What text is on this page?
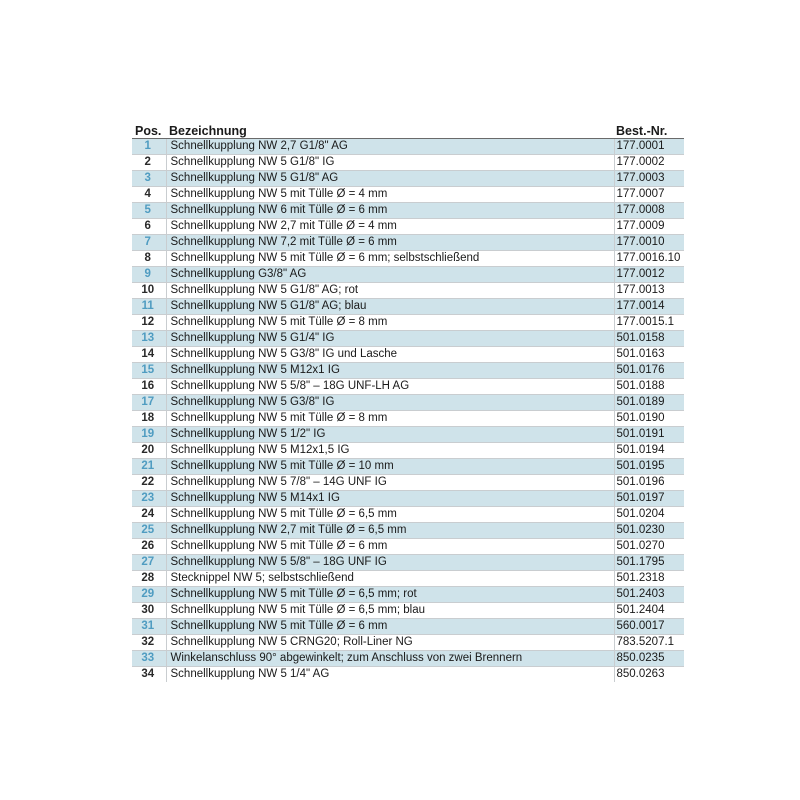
Pos.	Bezeichnung	Best.-Nr.
1	Schnellkupplung NW 2,7 G1/8" AG	177.0001
2	Schnellkupplung NW 5 G1/8" IG	177.0002
3	Schnellkupplung NW 5 G1/8" AG	177.0003
4	Schnellkupplung NW 5 mit Tülle Ø = 4 mm	177.0007
5	Schnellkupplung NW 6 mit Tülle Ø = 6 mm	177.0008
6	Schnellkupplung NW 2,7 mit Tülle Ø = 4 mm	177.0009
7	Schnellkupplung NW 7,2 mit Tülle Ø = 6 mm	177.0010
8	Schnellkupplung NW 5 mit Tülle Ø = 6 mm; selbstschließend	177.0016.10
9	Schnellkupplung G3/8" AG	177.0012
10	Schnellkupplung NW 5 G1/8" AG; rot	177.0013
11	Schnellkupplung NW 5 G1/8" AG; blau	177.0014
12	Schnellkupplung NW 5 mit Tülle Ø = 8 mm	177.0015.1
13	Schnellkupplung NW 5 G1/4" IG	501.0158
14	Schnellkupplung NW 5 G3/8" IG und Lasche	501.0163
15	Schnellkupplung NW 5 M12x1 IG	501.0176
16	Schnellkupplung NW 5 5/8" – 18G UNF-LH AG	501.0188
17	Schnellkupplung NW 5 G3/8" IG	501.0189
18	Schnellkupplung NW 5 mit Tülle Ø = 8 mm	501.0190
19	Schnellkupplung NW 5 1/2" IG	501.0191
20	Schnellkupplung NW 5 M12x1,5 IG	501.0194
21	Schnellkupplung NW 5 mit Tülle Ø = 10 mm	501.0195
22	Schnellkupplung NW 5 7/8" – 14G UNF IG	501.0196
23	Schnellkupplung NW 5 M14x1 IG	501.0197
24	Schnellkupplung NW 5 mit Tülle Ø = 6,5 mm	501.0204
25	Schnellkupplung NW 2,7 mit Tülle Ø = 6,5 mm	501.0230
26	Schnellkupplung NW 5 mit Tülle Ø = 6 mm	501.0270
27	Schnellkupplung NW 5 5/8" – 18G UNF IG	501.1795
28	Stecknippel NW 5; selbstschließend	501.2318
29	Schnellkupplung NW 5 mit Tülle Ø = 6,5 mm; rot	501.2403
30	Schnellkupplung NW 5 mit Tülle Ø = 6,5 mm; blau	501.2404
31	Schnellkupplung NW 5 mit Tülle Ø = 6 mm	560.0017
32	Schnellkupplung NW 5 CRNG20; Roll-Liner NG	783.5207.1
33	Winkelanschluss 90° abgewinkelt; zum Anschluss von zwei Brennern	850.0235
34	Schnellkupplung NW 5 1/4" AG	850.0263
